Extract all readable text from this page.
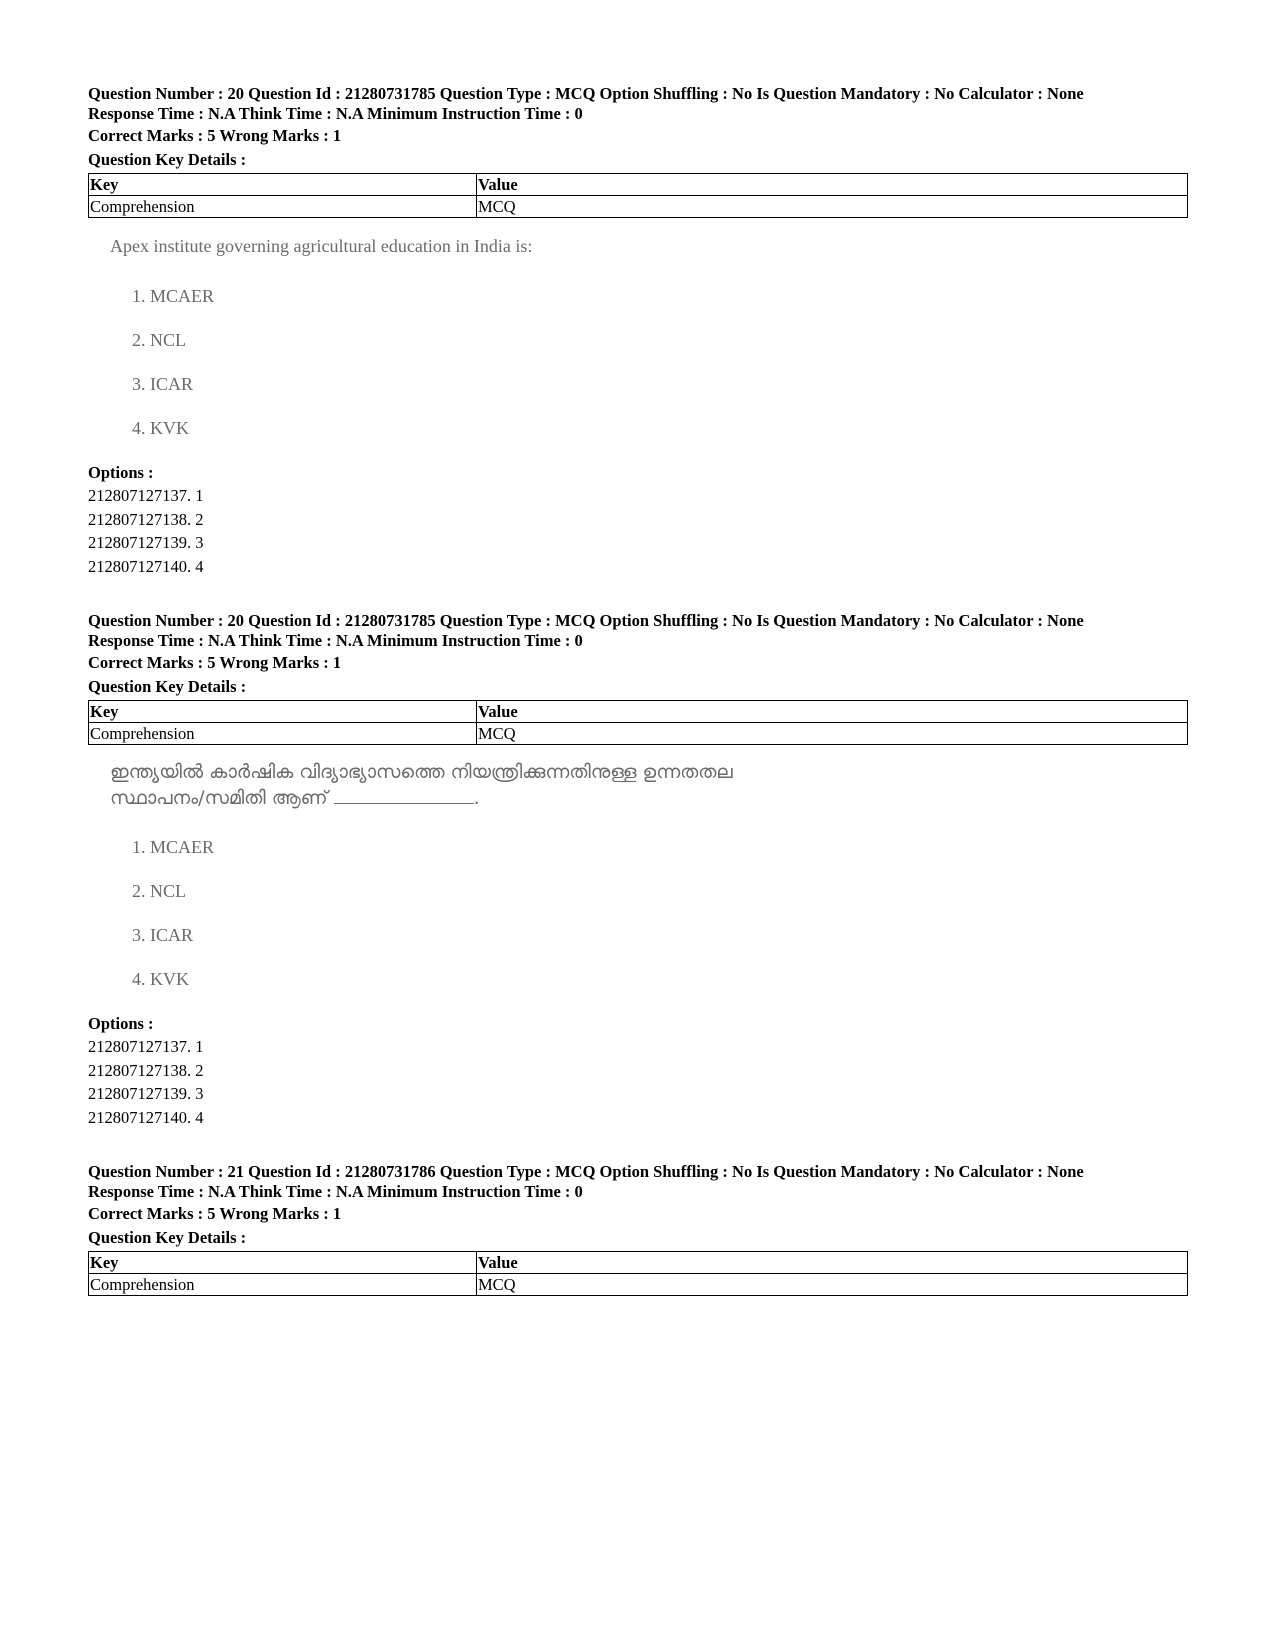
Question Number : 20 Question Id : 21280731785 Question Type : MCQ Option Shuffling : No Is Question Mandatory : No Calculator : None
Response Time : N.A Think Time : N.A Minimum Instruction Time : 0
Correct Marks : 5 Wrong Marks : 1
Question Key Details :
Key	Value
Comprehension	MCQ
Apex institute governing agricultural education in India is:
1. MCAER
2. NCL
3. ICAR
4. KVK
Options :
212807127137. 1
212807127138. 2
212807127139. 3
212807127140. 4
Question Number : 20 Question Id : 21280731785 Question Type : MCQ Option Shuffling : No Is Question Mandatory : No Calculator : None
Response Time : N.A Think Time : N.A Minimum Instruction Time : 0
Correct Marks : 5 Wrong Marks : 1
Question Key Details :
Key	Value
Comprehension	MCQ
ഇന്ത്യയിൽ കാർഷിക വിദ്യാഭ്യാസത്തെ നിയന്ത്രിക്കുന്നതിനുള്ള ഉന്നതതല
സ്ഥാപനം/സമിതി ആണ്	.
1. MCAER
2. NCL
3. ICAR
4. KVK
Options :
212807127137. 1
212807127138. 2
212807127139. 3
212807127140. 4
Question Number : 21 Question Id : 21280731786 Question Type : MCQ Option Shuffling : No Is Question Mandatory : No Calculator : None
Response Time : N.A Think Time : N.A Minimum Instruction Time : 0
Correct Marks : 5 Wrong Marks : 1
Question Key Details :
Key	Value
Comprehension	MCQ
